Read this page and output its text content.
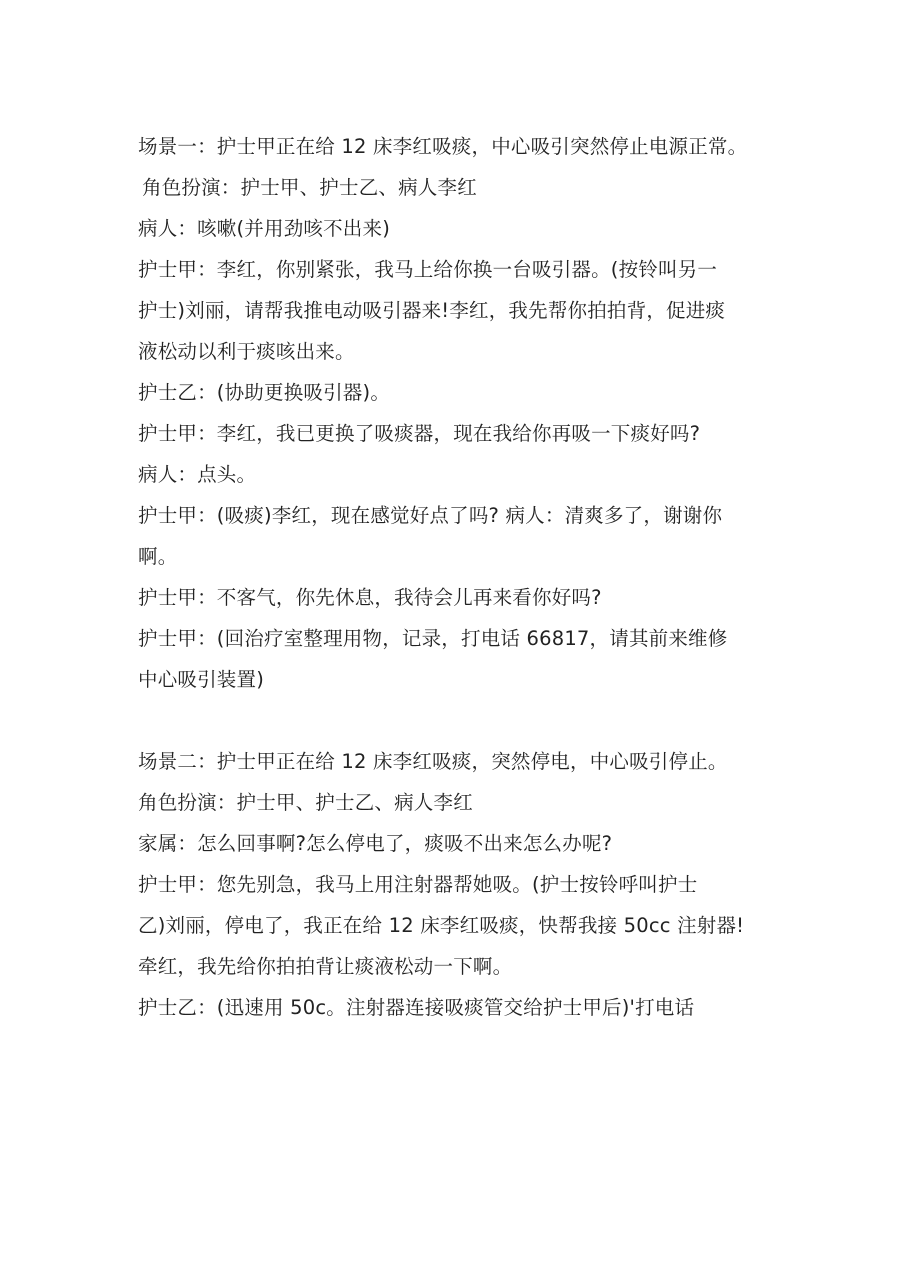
场景一：护士甲正在给 12 床李红吸痰，中心吸引突然停止电源正常。
角色扮演：护士甲、护士乙、病人李红
病人：咳嗽(并用劲咳不出来)
护士甲：李红，你别紧张，我马上给你换一台吸引器。(按铃叫另一
护士)刘丽，请帮我推电动吸引器来!李红，我先帮你拍拍背，促进痰
液松动以利于痰咳出来。
护士乙：(协助更换吸引器)。
护士甲：李红，我已更换了吸痰器，现在我给你再吸一下痰好吗?
病人：点头。
护士甲：(吸痰)李红，现在感觉好点了吗? 病人：清爽多了，谢谢你
啊。
护士甲：不客气，你先休息，我待会儿再来看你好吗?
护士甲：(回治疗室整理用物，记录，打电话 66817，请其前来维修
中心吸引装置)
场景二：护士甲正在给 12 床李红吸痰，突然停电，中心吸引停止。
角色扮演：护士甲、护士乙、病人李红
家属：怎么回事啊?怎么停电了，痰吸不出来怎么办呢?
护士甲：您先别急，我马上用注射器帮她吸。(护士按铃呼叫护士
乙)刘丽，停电了，我正在给 12 床李红吸痰，快帮我接 50cc 注射器!
牵红，我先给你拍拍背让痰液松动一下啊。
护士乙：(迅速用 50c。注射器连接吸痰管交给护士甲后)'打电话
